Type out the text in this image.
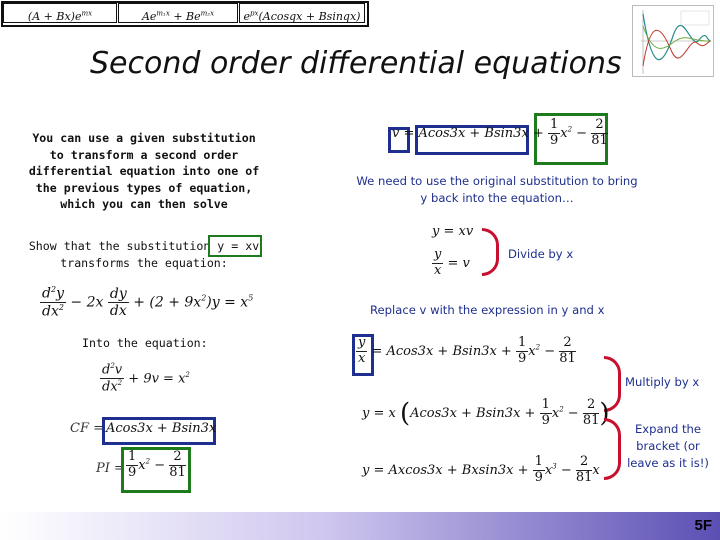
$(A + Bx)e^{mx}$	$Ae^{m_1x} + Be^{m_2x}$	$e^{px}(Acosqx$ + Bsinqx)
Second order differential equations
You can use a given substitution to transform a second order differential equation into one of the previous types of equation, which you can then solve
Show that the substitution y = xv transforms the equation:
$\frac{d^2y}{dx^2} - 2x \frac{dy}{dx} + (2 + 9x^2)y = x^5$
Into the equation:
$\frac{d^2v}{dx^2} + 9v = x^2$
CF = Acos3x + Bsin3x
PI = $\frac{1}{9} x^2 - \frac{2}{81}$
$v = Acos3x + Bsin3x + \frac{1}{9} x^2 - \frac{2}{81}$
We need to use the original substitution to bring y back into the equation…
y = xv
$\frac{y}{x} = v$
Divide by x
Replace v with the expression in y and x
$\frac{y}{x} = Acos3x + Bsin3x + \frac{1}{9} x^2 - \frac{2}{81}$
Multiply by x
y = x ($Acos3x + Bsin3x + \frac{1}{9} x^2 - \frac{2}{81}$ )
Expand the bracket (or leave as it is!)
$y = Axcos3x + Bxsin3x + \frac{1}{9} x^3 - \frac{2}{81}$ x
5F
